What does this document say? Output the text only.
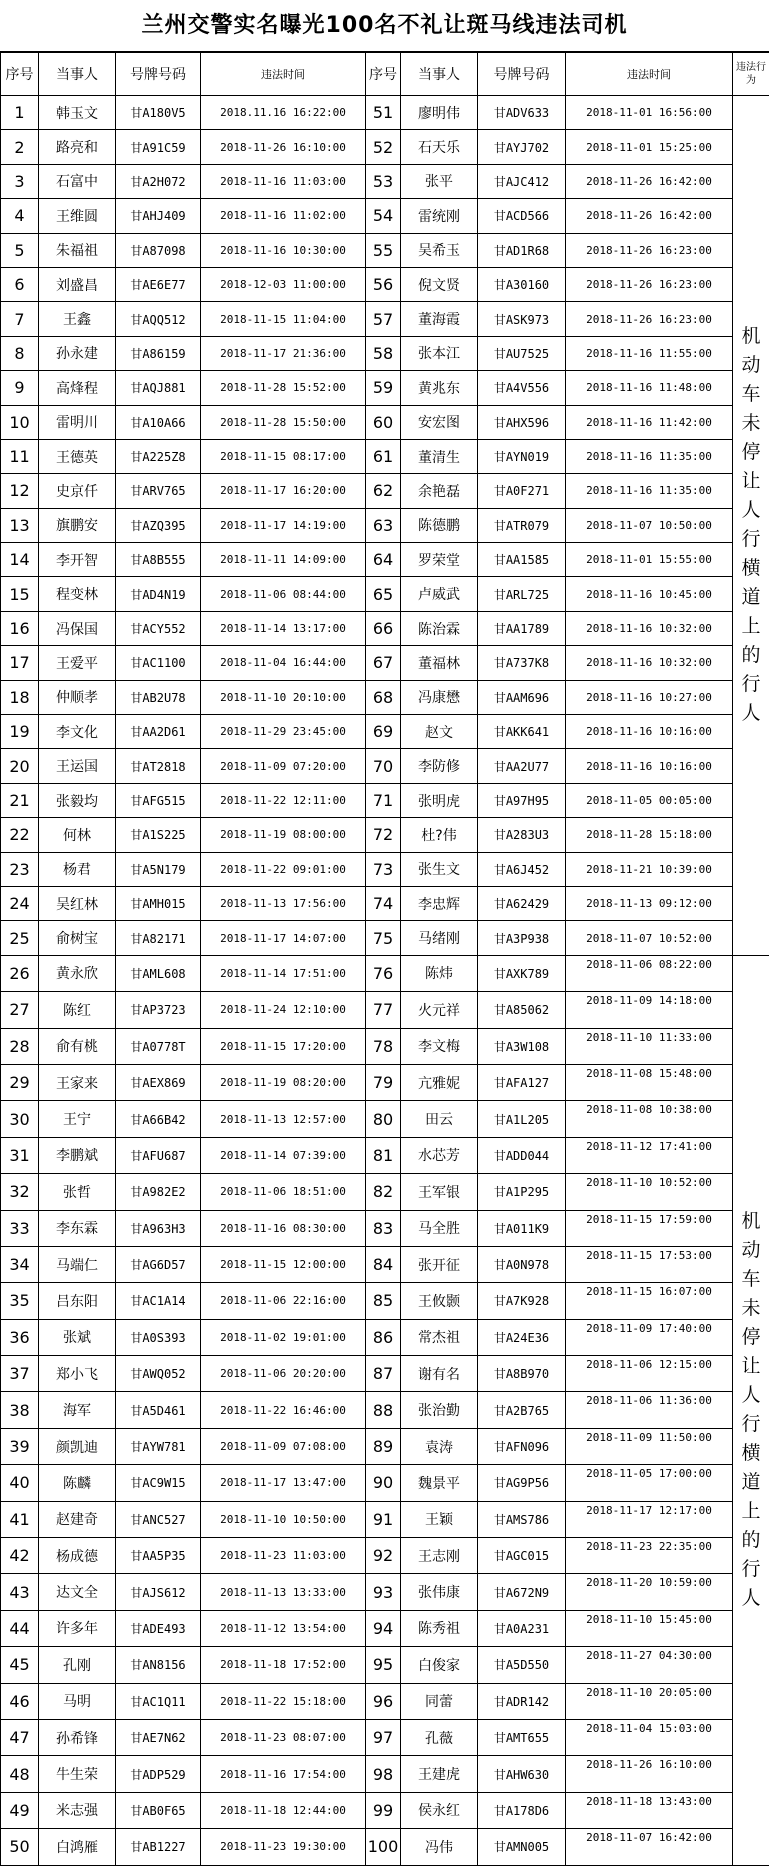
兰州交警实名曝光100名不礼让斑马线违法司机
序号	当事人	号牌号码	违法时间	序号	当事人	号牌号码	违法时间	违法行为
1	韩玉文	甘A180V5	2018.11.16 16:22:00	51	廖明伟	甘ADV633	2018-11-01 16:56:00	机动车未停让人行横道上的行人
2	路亮和	甘A91C59	2018-11-26 16:10:00	52	石天乐	甘AYJ702	2018-11-01 15:25:00	
3	石富中	甘A2H072	2018-11-16 11:03:00	53	张平	甘AJC412	2018-11-26 16:42:00	
4	王维圆	甘AHJ409	2018-11-16 11:02:00	54	雷统刚	甘ACD566	2018-11-26 16:42:00	
5	朱福祖	甘A87098	2018-11-16 10:30:00	55	吴希玉	甘AD1R68	2018-11-26 16:23:00	
6	刘盛昌	甘AE6E77	2018-12-03 11:00:00	56	倪文贤	甘A30160	2018-11-26 16:23:00	
7	王鑫	甘AQQ512	2018-11-15 11:04:00	57	董海霞	甘ASK973	2018-11-26 16:23:00	
8	孙永建	甘A86159	2018-11-17 21:36:00	58	张本江	甘AU7525	2018-11-16 11:55:00	
9	高烽程	甘AQJ881	2018-11-28 15:52:00	59	黄兆东	甘A4V556	2018-11-16 11:48:00	
10	雷明川	甘A10A66	2018-11-28 15:50:00	60	安宏图	甘AHX596	2018-11-16 11:42:00	
11	王德英	甘A225Z8	2018-11-15 08:17:00	61	董清生	甘AYN019	2018-11-16 11:35:00	
12	史京仟	甘ARV765	2018-11-17 16:20:00	62	余艳磊	甘A0F271	2018-11-16 11:35:00	
13	旗鹏安	甘AZQ395	2018-11-17 14:19:00	63	陈德鹏	甘ATR079	2018-11-07 10:50:00	
14	李开智	甘A8B555	2018-11-11 14:09:00	64	罗荣堂	甘AA1585	2018-11-01 15:55:00	
15	程变林	甘AD4N19	2018-11-06 08:44:00	65	卢威武	甘ARL725	2018-11-16 10:45:00	
16	冯保国	甘ACY552	2018-11-14 13:17:00	66	陈治霖	甘AA1789	2018-11-16 10:32:00	
17	王爱平	甘AC1100	2018-11-04 16:44:00	67	董福林	甘A737K8	2018-11-16 10:32:00	
18	仲顺孝	甘AB2U78	2018-11-10 20:10:00	68	冯康懋	甘AAM696	2018-11-16 10:27:00	
19	李文化	甘AA2D61	2018-11-29 23:45:00	69	赵文	甘AKK641	2018-11-16 10:16:00	
20	王运国	甘AT2818	2018-11-09 07:20:00	70	李防修	甘AA2U77	2018-11-16 10:16:00	
21	张毅均	甘AFG515	2018-11-22 12:11:00	71	张明虎	甘A97H95	2018-11-05 00:05:00	
22	何林	甘A1S225	2018-11-19 08:00:00	72	杜?伟	甘A283U3	2018-11-28 15:18:00	
23	杨君	甘A5N179	2018-11-22 09:01:00	73	张生文	甘A6J452	2018-11-21 10:39:00	
24	吴红林	甘AMH015	2018-11-13 17:56:00	74	李忠辉	甘A62429	2018-11-13 09:12:00	
25	俞树宝	甘A82171	2018-11-17 14:07:00	75	马绪刚	甘A3P938	2018-11-07 10:52:00	
26	黄永欣	甘AML608	2018-11-14 17:51:00	76	陈炜	甘AXK789	2018-11-06 08:22:00	机动车未停让人行横道上的行人
27	陈红	甘AP3723	2018-11-24 12:10:00	77	火元祥	甘A85062	2018-11-09 14:18:00	
28	俞有桃	甘A0778T	2018-11-15 17:20:00	78	李文梅	甘A3W108	2018-11-10 11:33:00	
29	王家来	甘AEX869	2018-11-19 08:20:00	79	亢雅妮	甘AFA127	2018-11-08 15:48:00	
30	王宁	甘A66B42	2018-11-13 12:57:00	80	田云	甘A1L205	2018-11-08 10:38:00	
31	李鹏斌	甘AFU687	2018-11-14 07:39:00	81	水芯芳	甘ADD044	2018-11-12 17:41:00	
32	张哲	甘A982E2	2018-11-06 18:51:00	82	王军银	甘A1P295	2018-11-10 10:52:00	
33	李东霖	甘A963H3	2018-11-16 08:30:00	83	马全胜	甘A011K9	2018-11-15 17:59:00	
34	马端仁	甘AG6D57	2018-11-15 12:00:00	84	张开征	甘A0N978	2018-11-15 17:53:00	
35	吕东阳	甘AC1A14	2018-11-06 22:16:00	85	王攸颢	甘A7K928	2018-11-15 16:07:00	
36	张斌	甘A0S393	2018-11-02 19:01:00	86	常杰祖	甘A24E36	2018-11-09 17:40:00	
37	郑小飞	甘AWQ052	2018-11-06 20:20:00	87	谢有名	甘A8B970	2018-11-06 12:15:00	
38	海军	甘A5D461	2018-11-22 16:46:00	88	张治勤	甘A2B765	2018-11-06 11:36:00	
39	颜凯迪	甘AYW781	2018-11-09 07:08:00	89	袁涛	甘AFN096	2018-11-09 11:50:00	
40	陈麟	甘AC9W15	2018-11-17 13:47:00	90	魏景平	甘AG9P56	2018-11-05 17:00:00	
41	赵建奇	甘ANC527	2018-11-10 10:50:00	91	王颖	甘AMS786	2018-11-17 12:17:00	
42	杨成德	甘AA5P35	2018-11-23 11:03:00	92	王志刚	甘AGC015	2018-11-23 22:35:00	
43	达文全	甘AJS612	2018-11-13 13:33:00	93	张伟康	甘A672N9	2018-11-20 10:59:00	
44	许多年	甘ADE493	2018-11-12 13:54:00	94	陈秀祖	甘A0A231	2018-11-10 15:45:00	
45	孔刚	甘AN8156	2018-11-18 17:52:00	95	白俊家	甘A5D550	2018-11-27 04:30:00	
46	马明	甘AC1Q11	2018-11-22 15:18:00	96	同蕾	甘ADR142	2018-11-10 20:05:00	
47	孙希锋	甘AE7N62	2018-11-23 08:07:00	97	孔薇	甘AMT655	2018-11-04 15:03:00	
48	牛生荣	甘ADP529	2018-11-16 17:54:00	98	王建虎	甘AHW630	2018-11-26 16:10:00	
49	米志强	甘AB0F65	2018-11-18 12:44:00	99	侯永红	甘A178D6	2018-11-18 13:43:00	
50	白鸿雁	甘AB1227	2018-11-23 19:30:00	100	冯伟	甘AMN005	2018-11-07 16:42:00	
